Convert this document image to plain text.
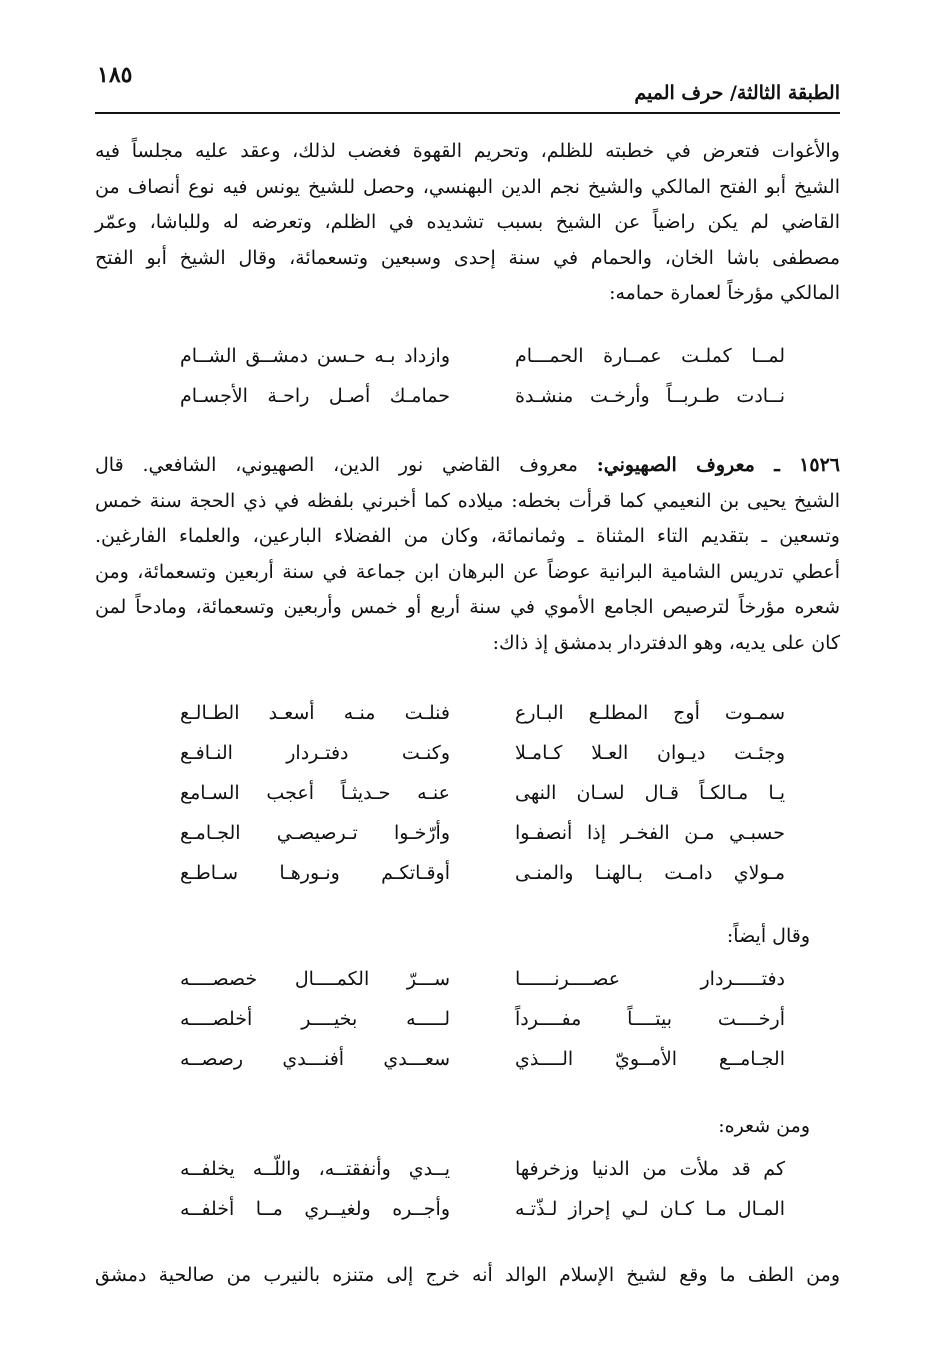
الطبقة الثالثة/ حرف الميم
١٨٥
والأغوات فتعرض في خطبته للظلم، وتحريم القهوة فغضب لذلك، وعقد عليه مجلساً فيه
الشيخ أبو الفتح المالكي والشيخ نجم الدين البهنسي، وحصل للشيخ يونس فيه نوع أنصاف من
القاضي لم يكن راضياً عن الشيخ بسبب تشديده في الظلم، وتعرضه له وللباشا، وعمّر
مصطفى باشا الخان، والحمام في سنة إحدى وسبعين وتسعمائة، وقال الشيخ أبو الفتح
المالكي مؤرخاً لعمارة حمامه:
لمــا كملـت عمــارة الحمـــام
وازداد بـه حـسن دمشــق الشــام
نــادت طـربــاً وأرخـت منشـدة
حمامـك أصـل راحـة الأجسـام
١٥٢٦ ـ معروف الصهيوني: معروف القاضي نور الدين، الصهيوني، الشافعي. قال
الشيخ يحيى بن النعيمي كما قرأت بخطه: ميلاده كما أخبرني بلفظه في ذي الحجة سنة خمس
وتسعين ـ بتقديم التاء المثناة ـ وثمانمائة، وكان من الفضلاء البارعين، والعلماء الفارغين.
أعطي تدريس الشامية البرانية عوضاً عن البرهان ابن جماعة في سنة أربعين وتسعمائة، ومن
شعره مؤرخاً لترصيص الجامع الأموي في سنة أربع أو خمس وأربعين وتسعمائة، ومادحاً لمن
كان على يديه، وهو الدفتردار بدمشق إذ ذاك:
سمـوت أوج المطلـع البـارع
فنلـت منـه أسعـد الطـالـع
وجئـت ديـوان العـلا كـامـلا
وكنـت دفتـردار النـافـع
يـا مـالكـاً قـال لسـان النهى
عنـه حـديثـاً أعجب السـامع
حسبـي مـن الفخـر إذا أنصفـوا
وأرّخـوا تـرصيصـي الجـامـع
مـولاي دامـت بـالهنـا والمنـى
أوقـاتكـم ونـورهـا سـاطـع
وقال أيضاً:
دفتـــــردار عصــــرنــــــا
ســـرّ الكمــــال خصصــــه
أرخــــت بيتــــاً مفــــرداً
لـــــه بخيــــر أخلصــــه
الجـامــع الأمــويّ الــــذي
سعـــدي أفنـــدي رصصــه
ومن شعره:
كم قد ملأت من الدنيا وزخرفها
يــدي وأنفقتــه، واللّــه يخلفــه
المـال مـا كـان لـي إحراز لـذّتـه
وأجــره ولغيــري مــا أخلفــه
ومن الطف ما وقع لشيخ الإسلام الوالد أنه خرج إلى متنزه بالنيرب من صالحية دمشق
